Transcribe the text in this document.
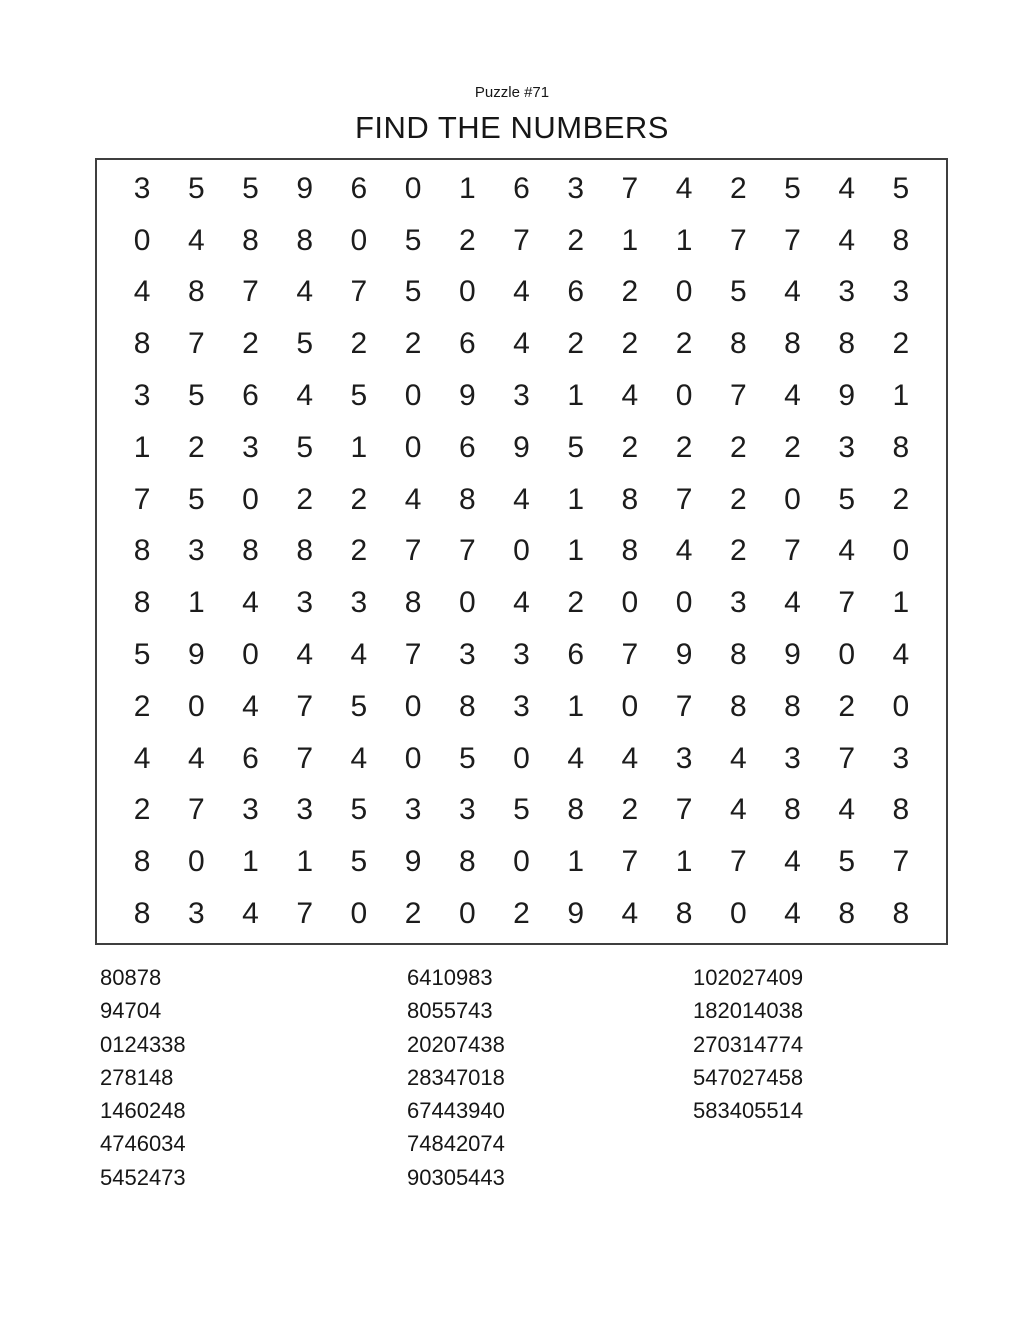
Puzzle #71
FIND THE NUMBERS
3	5	5	9	6	0	1	6	3	7	4	2	5	4	5
0	4	8	8	0	5	2	7	2	1	1	7	7	4	8
4	8	7	4	7	5	0	4	6	2	0	5	4	3	3
8	7	2	5	2	2	6	4	2	2	2	8	8	8	2
3	5	6	4	5	0	9	3	1	4	0	7	4	9	1
1	2	3	5	1	0	6	9	5	2	2	2	2	3	8
7	5	0	2	2	4	8	4	1	8	7	2	0	5	2
8	3	8	8	2	7	7	0	1	8	4	2	7	4	0
8	1	4	3	3	8	0	4	2	0	0	3	4	7	1
5	9	0	4	4	7	3	3	6	7	9	8	9	0	4
2	0	4	7	5	0	8	3	1	0	7	8	8	2	0
4	4	6	7	4	0	5	0	4	4	3	4	3	7	3
2	7	3	3	5	3	3	5	8	2	7	4	8	4	8
8	0	1	1	5	9	8	0	1	7	1	7	4	5	7
8	3	4	7	0	2	0	2	9	4	8	0	4	8	8
80878
94704
0124338
278148
1460248
4746034
5452473
6410983
8055743
20207438
28347018
67443940
74842074
90305443
102027409
182014038
270314774
547027458
583405514
